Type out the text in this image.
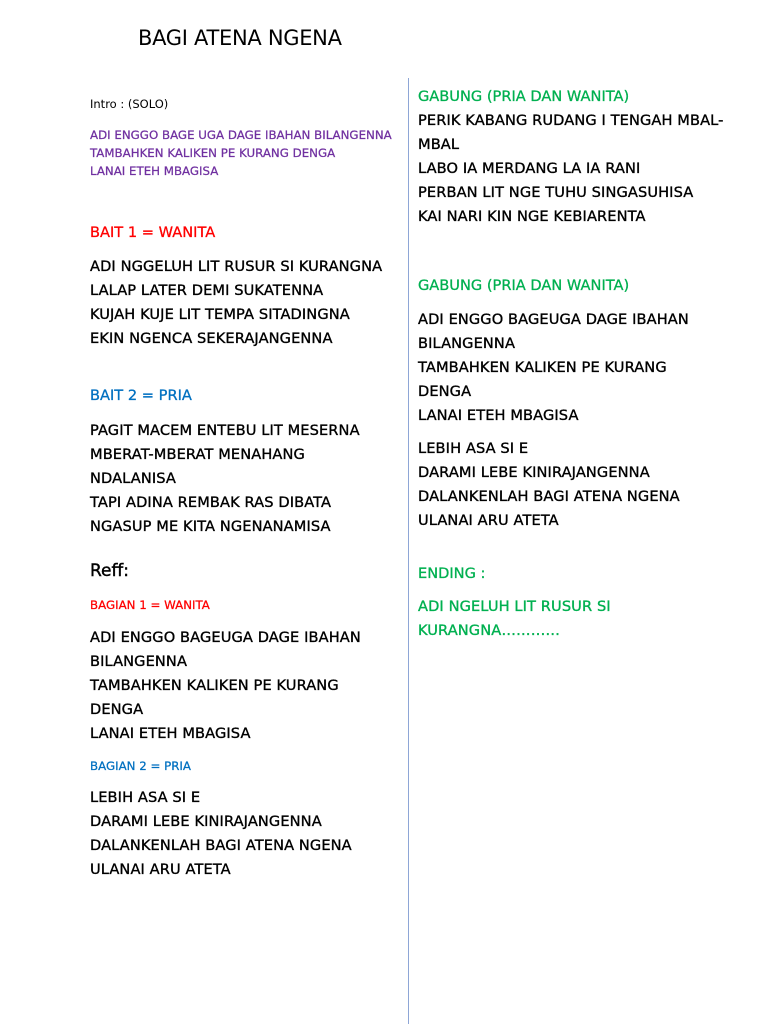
BAGI ATENA NGENA
Intro : (SOLO)
ADI ENGGO BAGE UGA DAGE IBAHAN BILANGENNA
TAMBAHKEN KALIKEN PE KURANG DENGA
LANAI ETEH MBAGISA
BAIT 1 = WANITA
ADI NGGELUH LIT RUSUR SI KURANGNA
LALAP LATER DEMI SUKATENNA
KUJAH KUJE LIT TEMPA SITADINGNA
EKIN NGENCA SEKERAJANGENNA
BAIT 2 = PRIA
PAGIT MACEM ENTEBU LIT MESERNA
MBERAT-MBERAT MENAHANG
NDALANISA
TAPI ADINA REMBAK RAS DIBATA
NGASUP ME KITA NGENANAMISA
Reff:
BAGIAN 1 = WANITA
ADI ENGGO BAGEUGA DAGE IBAHAN
BILANGENNA
TAMBAHKEN KALIKEN PE KURANG
DENGA
LANAI ETEH MBAGISA
BAGIAN 2 = PRIA
LEBIH ASA SI E
DARAMI LEBE KINIRAJANGENNA
DALANKENLAH BAGI ATENA NGENA
ULANAI ARU ATETA
GABUNG (PRIA DAN WANITA)
PERIK KABANG RUDANG I TENGAH MBAL-
MBAL
LABO IA MERDANG LA IA RANI
PERBAN LIT NGE TUHU SINGASUHISA
KAI NARI KIN NGE KEBIARENTA
GABUNG (PRIA DAN WANITA)
ADI ENGGO BAGEUGA DAGE IBAHAN
BILANGENNA
TAMBAHKEN KALIKEN PE KURANG
DENGA
LANAI ETEH MBAGISA
LEBIH ASA SI E
DARAMI LEBE KINIRAJANGENNA
DALANKENLAH BAGI ATENA NGENA
ULANAI ARU ATETA
ENDING :
ADI NGELUH LIT RUSUR SI
KURANGNA…………
